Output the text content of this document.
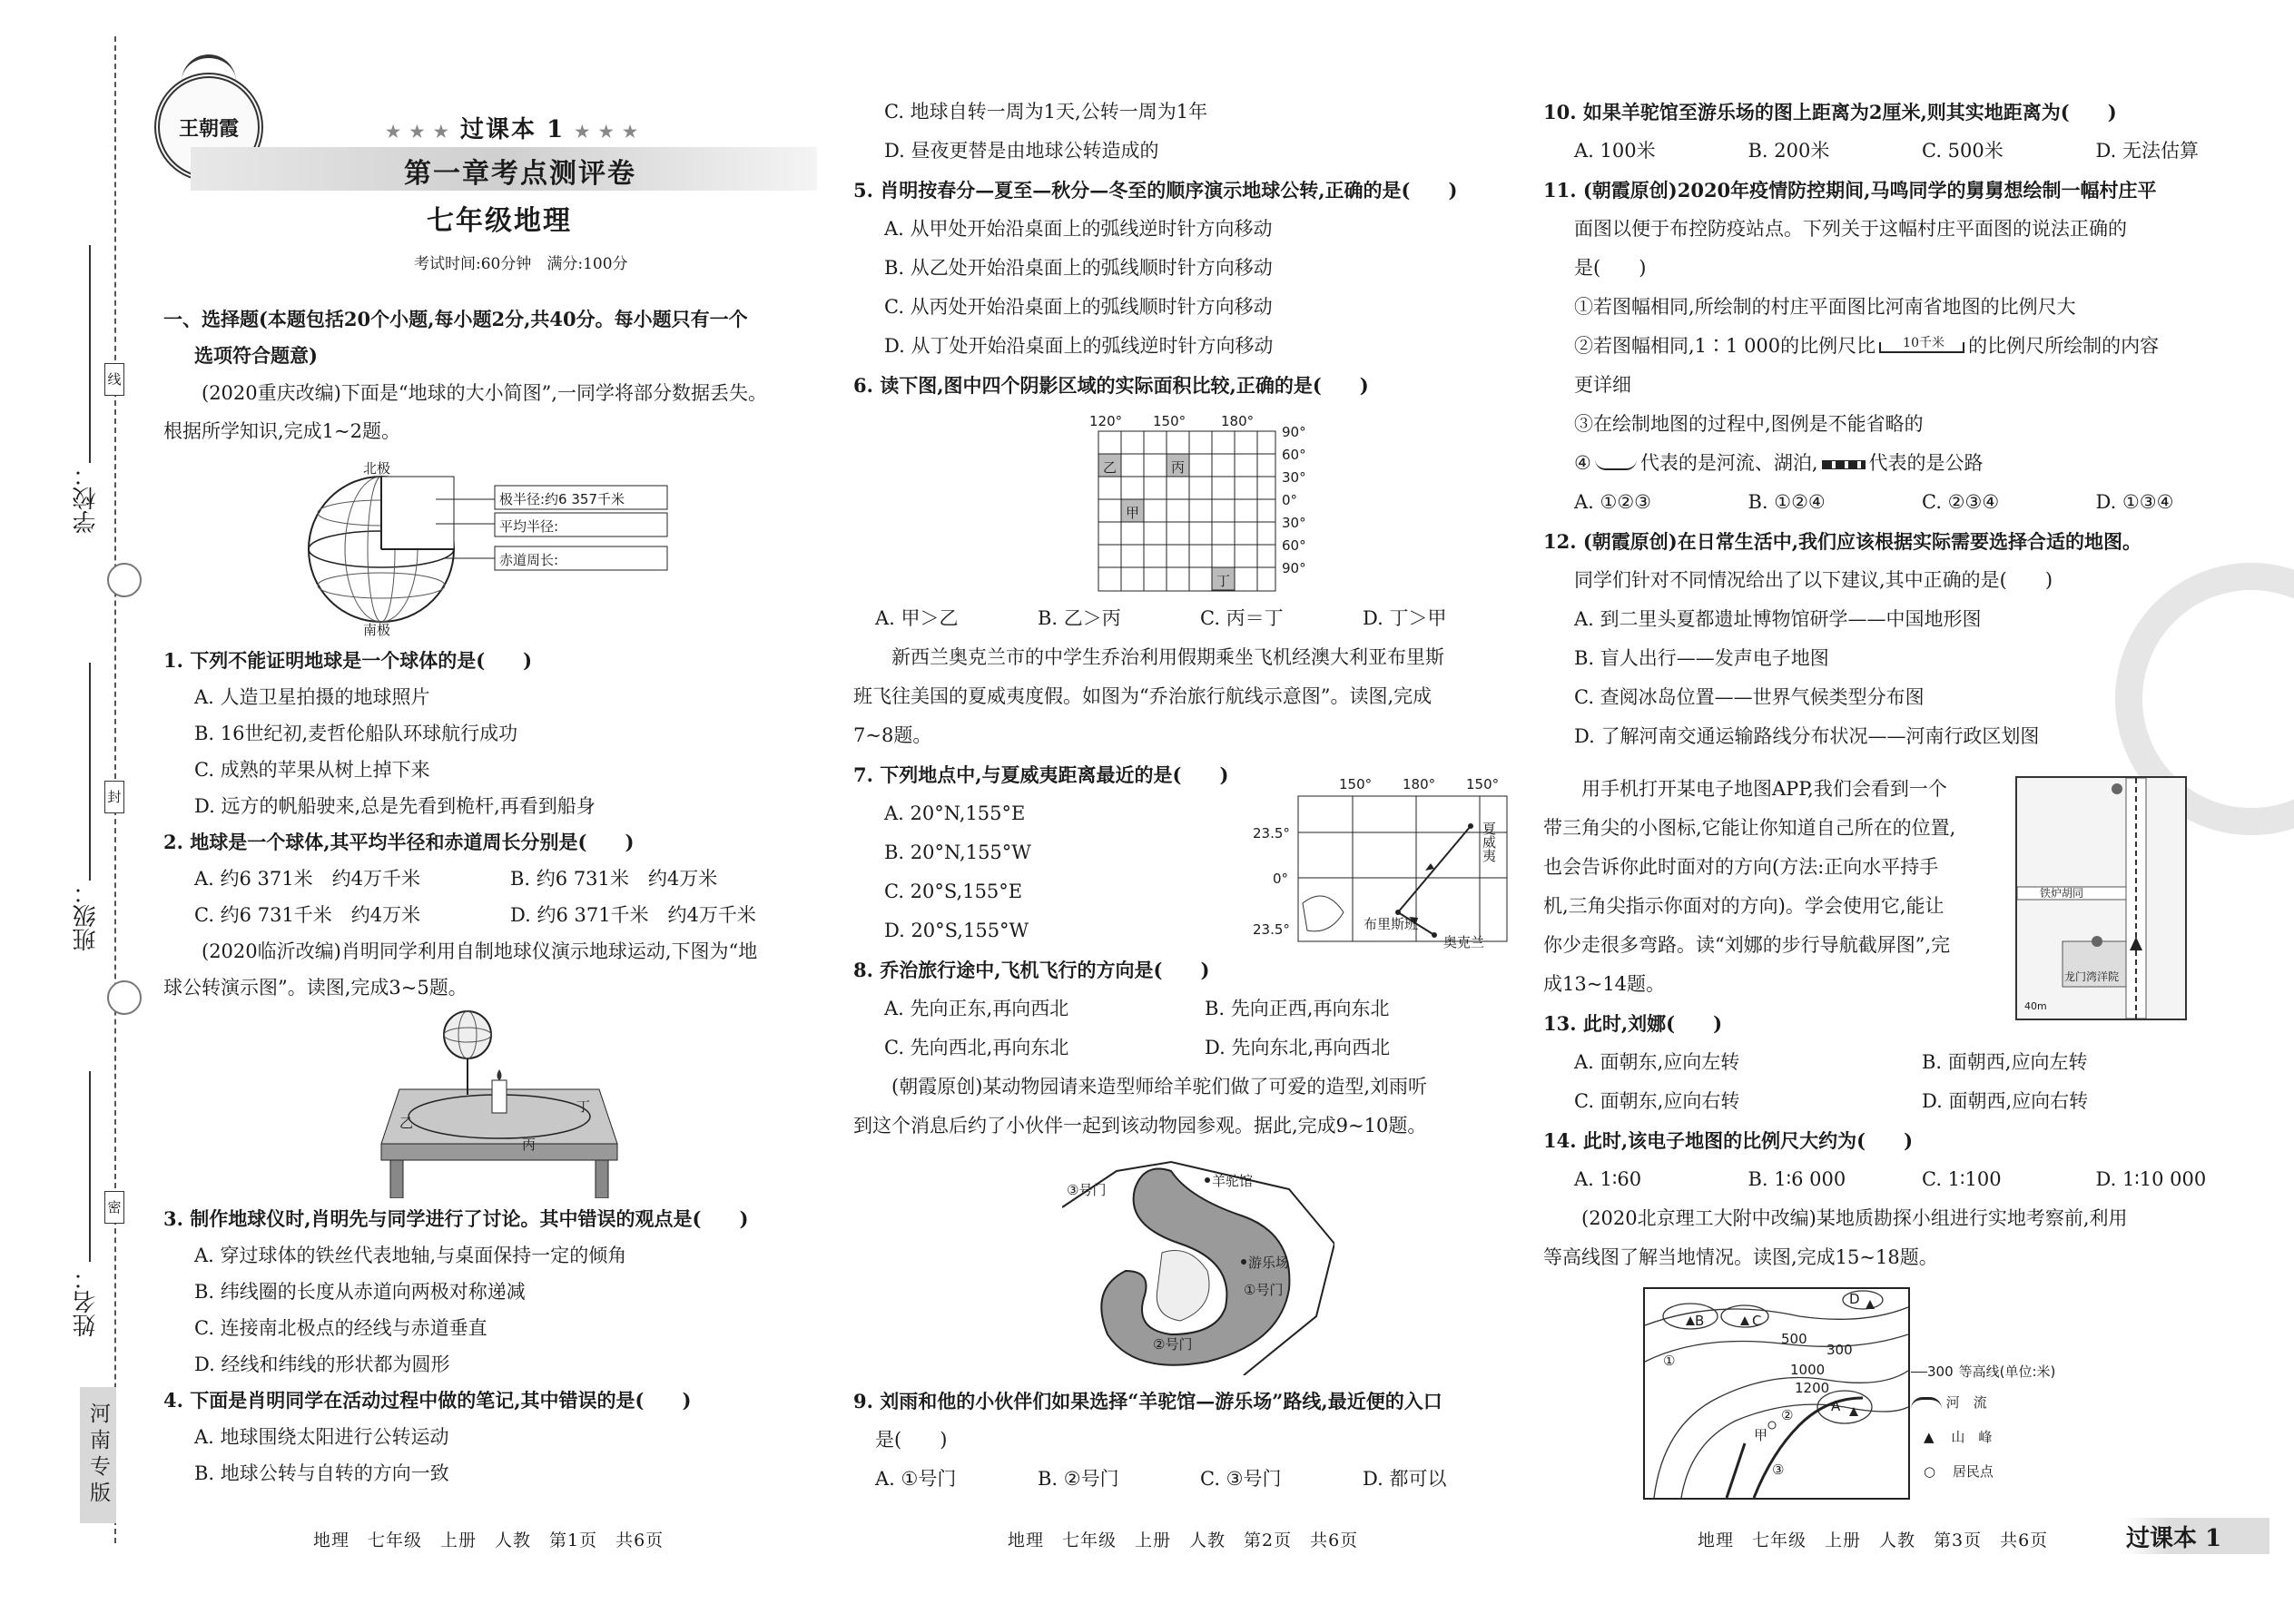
线
封
密
学校：
班级：
姓名：
河南专版
王朝霞	★ ★ ★ 过课本 1 ★ ★ ★
第一章考点测评卷
七年级地理
考试时间:60分钟　满分:100分

一、选择题(本题包括20个小题,每小题2分,共40分。每小题只有一个

选项符合题意)

(2020重庆改编)下面是“地球的大小简图”,一同学将部分数据丢失。

根据所学知识,完成1~2题。

北极
南极
极半径:约6 357千米
平均半径:
赤道周长:

1. 下列不能证明地球是一个球体的是(　　)

A. 人造卫星拍摄的地球照片

B. 16世纪初,麦哲伦船队环球航行成功

C. 成熟的苹果从树上掉下来

D. 远方的帆船驶来,总是先看到桅杆,再看到船身

2. 地球是一个球体,其平均半径和赤道周长分别是(　　)

A. 约6 371米　约4万千米	B. 约6 731米　约4万米

C. 约6 731千米　约4万米	D. 约6 371千米　约4万千米

(2020临沂改编)肖明同学利用自制地球仪演示地球运动,下图为“地

球公转演示图”。读图,完成3~5题。

乙
丙
丁

3. 制作地球仪时,肖明先与同学进行了讨论。其中错误的观点是(　　)

A. 穿过球体的铁丝代表地轴,与桌面保持一定的倾角

B. 纬线圈的长度从赤道向两极对称递减

C. 连接南北极点的经线与赤道垂直

D. 经线和纬线的形状都为圆形

4. 下面是肖明同学在活动过程中做的笔记,其中错误的是(　　)

A. 地球围绕太阳进行公转运动

B. 地球公转与自转的方向一致

地理　七年级　上册　人教　第1页　共6页

C. 地球自转一周为1天,公转一周为1年

D. 昼夜更替是由地球公转造成的

5. 肖明按春分—夏至—秋分—冬至的顺序演示地球公转,正确的是(　　)

A. 从甲处开始沿桌面上的弧线逆时针方向移动

B. 从乙处开始沿桌面上的弧线顺时针方向移动

C. 从丙处开始沿桌面上的弧线顺时针方向移动

D. 从丁处开始沿桌面上的弧线逆时针方向移动

6. 读下图,图中四个阴影区域的实际面积比较,正确的是(　　)

120° 150°	180°
90°
60°
30°
0°
30°
60°
90°
乙
甲
丙
丁

A. 甲＞乙	B. 乙＞丙	C. 丙＝丁	D. 丁＞甲

新西兰奥克兰市的中学生乔治利用假期乘坐飞机经澳大利亚布里斯

班飞往美国的夏威夷度假。如图为“乔治旅行航线示意图”。读图,完成

7~8题。

7. 下列地点中,与夏威夷距离最近的是(　　)

A. 20°N,155°E

B. 20°N,155°W

C. 20°S,155°E

D. 20°S,155°W

8. 乔治旅行途中,飞机飞行的方向是(　　)

A. 先向正东,再向西北	B. 先向正西,再向东北

C. 先向西北,再向东北	D. 先向东北,再向西北

(朝霞原创)某动物园请来造型师给羊驼们做了可爱的造型,刘雨听

到这个消息后约了小伙伴一起到该动物园参观。据此,完成9~10题。

150° 180° 150°
23.5°
0°
23.5°
夏威夷
布里斯班
奥克兰
羊驼馆
游乐场
①号门
②号门
③号门

9. 刘雨和他的小伙伴们如果选择“羊驼馆—游乐场”路线,最近便的入口

是(　　)

A. ①号门	B. ②号门	C. ③号门	D. 都可以

地理　七年级　上册　人教　第2页　共6页

10. 如果羊驼馆至游乐场的图上距离为2厘米,则其实地距离为(　　)

A. 100米	B. 200米	C. 500米	D. 无法估算

11. (朝霞原创)2020年疫情防控期间,马鸣同学的舅舅想绘制一幅村庄平

面图以便于布控防疫站点。下列关于这幅村庄平面图的说法正确的

是(　　)

①若图幅相同,所绘制的村庄平面图比河南省地图的比例尺大

②若图幅相同,1∶1 000的比例尺比 10千米 的比例尺所绘制的内容

更详细

③在绘制地图的过程中,图例是不能省略的

④	代表的是河流、湖泊,	代表的是公路

A. ①②③	B. ①②④	C. ②③④	D. ①③④

12. (朝霞原创)在日常生活中,我们应该根据实际需要选择合适的地图。

同学们针对不同情况给出了以下建议,其中正确的是(　　)

A. 到二里头夏都遗址博物馆研学——中国地形图

B. 盲人出行——发声电子地图

C. 查阅冰岛位置——世界气候类型分布图

D. 了解河南交通运输路线分布状况——河南行政区划图

用手机打开某电子地图APP,我们会看到一个

带三角尖的小图标,它能让你知道自己所在的位置,

也会告诉你此时面对的方向(方法:正向水平持手

机,三角尖指示你面对的方向)。学会使用它,能让

你少走很多弯路。读“刘娜的步行导航截屏图”,完

成13~14题。

铁炉胡同
龙门湾洋院
40m

13. 此时,刘娜(　　)

A. 面朝东,应向左转	B. 面朝西,应向左转

C. 面朝东,应向右转	D. 面朝西,应向右转

14. 此时,该电子地图的比例尺大约为(　　)

A. 1∶60	B. 1∶6 000	C. 1∶100	D. 1∶10 000

(2020北京理工大附中改编)某地质勘探小组进行实地考察前,利用

等高线图了解当地情况。读图,完成15~18题。

B	C
A
D
500
1000
1200
300
①
②
③
甲
300 等高线(单位:米)
河　流
▲ 山　峰
○ 居民点
地理　七年级　上册　人教　第3页　共6页	过课本 1
